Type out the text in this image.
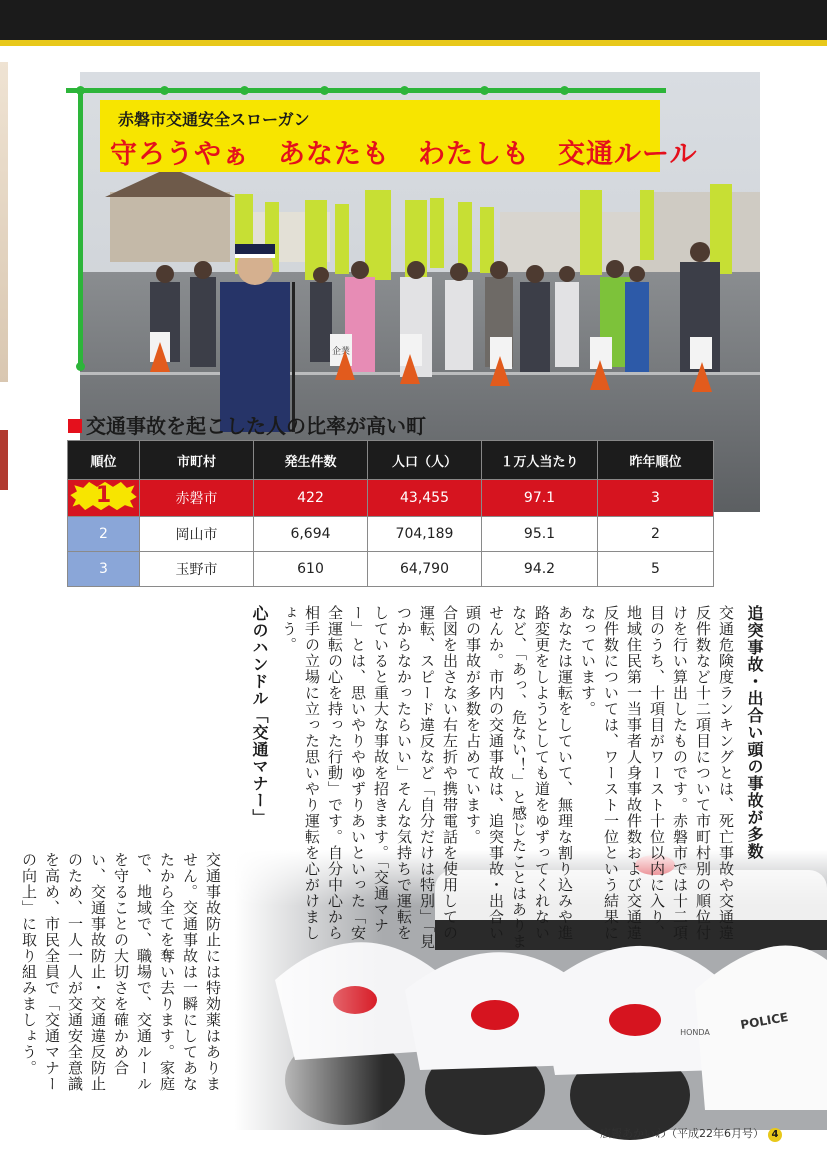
企業
赤磐市交通安全スローガン
守ろうやぁ　あなたも　わたしも　交通ルール
交通事故を起こした人の比率が高い町
順位	市町村	発生件数	人口（人）	１万人当たり	昨年順位

1	赤磐市	422	43,455	97.1	3
2	岡山市	6,694	704,189	95.1	2
3	玉野市	610	64,790	94.2	5

追突事故・出合い頭の事故が多数

交通危険度ランキングとは、死亡事故や交通違反件数など十二項目について市町村別の順位付けを行い算出したものです。赤磐市では十二項目のうち、十項目がワースト十位以内に入り、地域住民第一当事者人身事故件数および交通違反件数については、ワースト一位という結果になっています。

あなたは運転をしていて、無理な割り込みや進路変更をしようとしても道をゆずってくれないなど、「あっ、危ない！」と感じたことはありませんか。市内の交通事故は、追突事故・出合い頭の事故が多数を占めています。

合図を出さない右左折や携帯電話を使用しての運転、スピード違反など「自分だけは特別」「見つからなかったらいい」そんな気持ちで運転をしていると重大な事故を招きます。「交通マナー」とは、思いやりやゆずりあいといった「安全運転の心を持った行動」です。自分中心から相手の立場に立った思いやり運転を心がけましょう。

心のハンドル「交通マナー」

交通事故防止には特効薬はありません。交通事故は一瞬にしてあなたから全てを奪い去ります。家庭で、地域で、職場で、交通ルールを守ることの大切さを確かめ合い、交通事故防止・交通違反防止のため、一人一人が交通安全意識を高め、市民全員で「交通マナーの向上」に取り組みましょう。

広報あかいわ（平成22年6月号） 4
